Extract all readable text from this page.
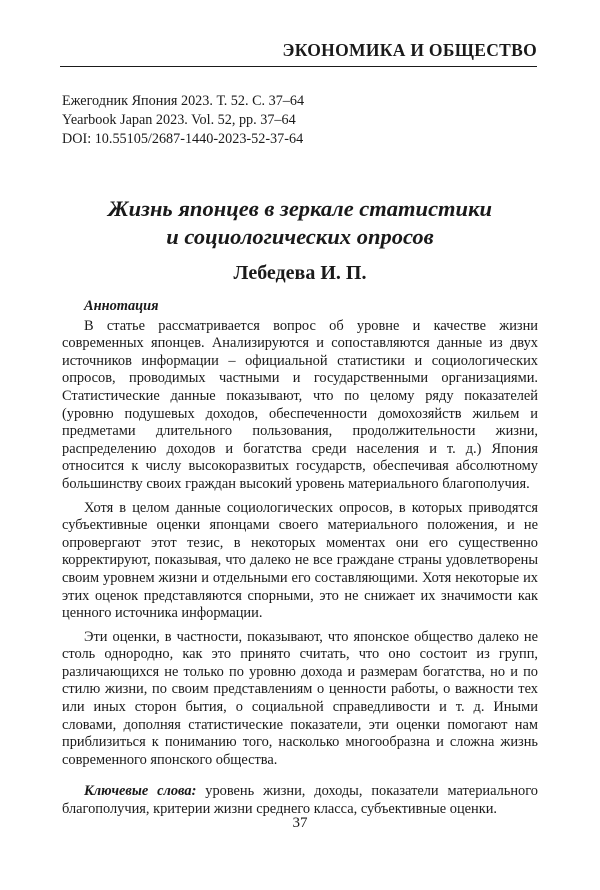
ЭКОНОМИКА И ОБЩЕСТВО
Ежегодник Япония 2023. Т. 52. С. 37–64
Yearbook Japan 2023. Vol. 52, pp. 37–64
DOI: 10.55105/2687-1440-2023-52-37-64
Жизнь японцев в зеркале статистики
и социологических опросов
Лебедева И. П.
Аннотация

В статье рассматривается вопрос об уровне и качестве жизни современных японцев. Анализируются и сопоставляются данные из двух источников информации – официальной статистики и социологических опросов, проводимых частными и государственными организациями. Статистические данные показывают, что по целому ряду показателей (уровню подушевых доходов, обеспеченности домохозяйств жильем и предметами длительного пользования, продолжительности жизни, распределению доходов и богатства среди населения и т. д.) Япония относится к числу высокоразвитых государств, обеспечивая абсолютному большинству своих граждан высокий уровень материального благополучия.

Хотя в целом данные социологических опросов, в которых приводятся субъективные оценки японцами своего материального положения, и не опровергают этот тезис, в некоторых моментах они его существенно корректируют, показывая, что далеко не все граждане страны удовлетворены своим уровнем жизни и отдельными его составляющими. Хотя некоторые их этих оценок представляются спорными, это не снижает их значимости как ценного источника информации.

Эти оценки, в частности, показывают, что японское общество далеко не столь однородно, как это принято считать, что оно состоит из групп, различающихся не только по уровню дохода и размерам богатства, но и по стилю жизни, по своим представлениям о ценности работы, о важности тех или иных сторон бытия, о социальной справедливости и т. д. Иными словами, дополняя статистические показатели, эти оценки помогают нам приблизиться к пониманию того, насколько многообразна и сложна жизнь современного японского общества.

Ключевые слова: уровень жизни, доходы, показатели материального благополучия, критерии жизни среднего класса, субъективные оценки.

37
